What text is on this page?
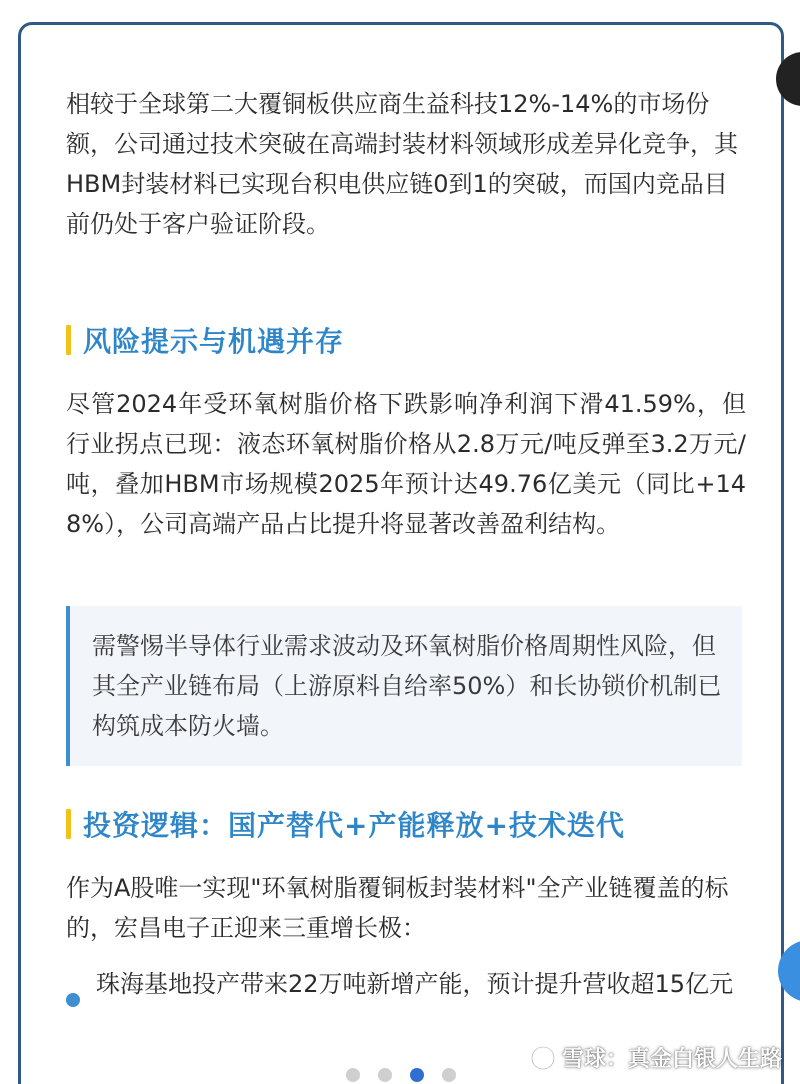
相较于全球第二大覆铜板供应商生益科技12%-14%的市场份额，公司通过技术突破在高端封装材料领域形成差异化竞争，其HBM封装材料已实现台积电供应链0到1的突破，而国内竞品目前仍处于客户验证阶段。

风险提示与机遇并存

尽管2024年受环氧树脂价格下跌影响净利润下滑41.59%，但行业拐点已现：液态环氧树脂价格从2.8万元/吨反弹至3.2万元/吨，叠加HBM市场规模2025年预计达49.76亿美元（同比+148%），公司高端产品占比提升将显著改善盈利结构。

需警惕半导体行业需求波动及环氧树脂价格周期性风险，但其全产业链布局（上游原料自给率50%）和长协锁价机制已构筑成本防火墙。
投资逻辑：国产替代+产能释放+技术迭代

作为A股唯一实现"环氧树脂覆铜板封装材料"全产业链覆盖的标的，宏昌电子正迎来三重增长极：

珠海基地投产带来22万吨新增产能，预计提升营收超15亿元
雪球：真金白银人生路
